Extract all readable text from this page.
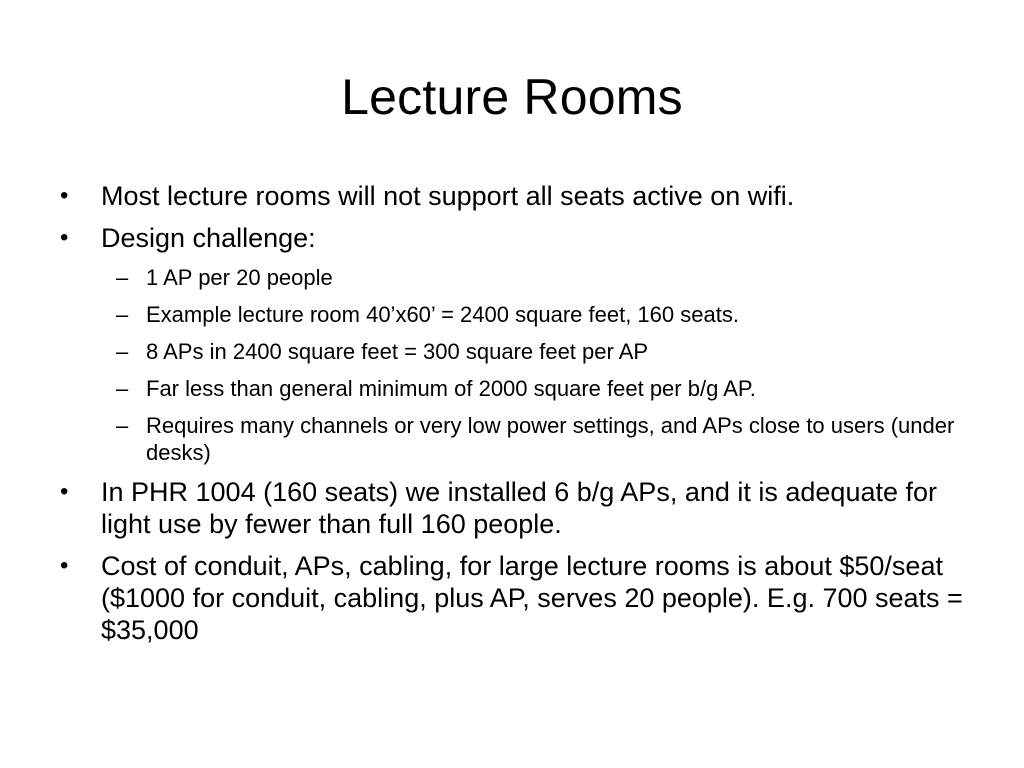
Lecture Rooms
•	Most lecture rooms will not support all seats active on wifi.
•	Design challenge:
– 1 AP per 20 people
– Example lecture room 40’x60’ = 2400 square feet, 160 seats.
– 8 APs in 2400 square feet = 300 square feet per AP
– Far less than general minimum of 2000 square feet per b/g AP.
– Requires many channels or very low power settings, and APs close to users (under desks)
•	In PHR 1004 (160 seats) we installed 6 b/g APs, and it is adequate for light use by fewer than full 160 people.
•	Cost of conduit, APs, cabling, for large lecture rooms is about $50/seat ($1000 for conduit, cabling, plus AP, serves 20 people). E.g. 700 seats = $35,000
